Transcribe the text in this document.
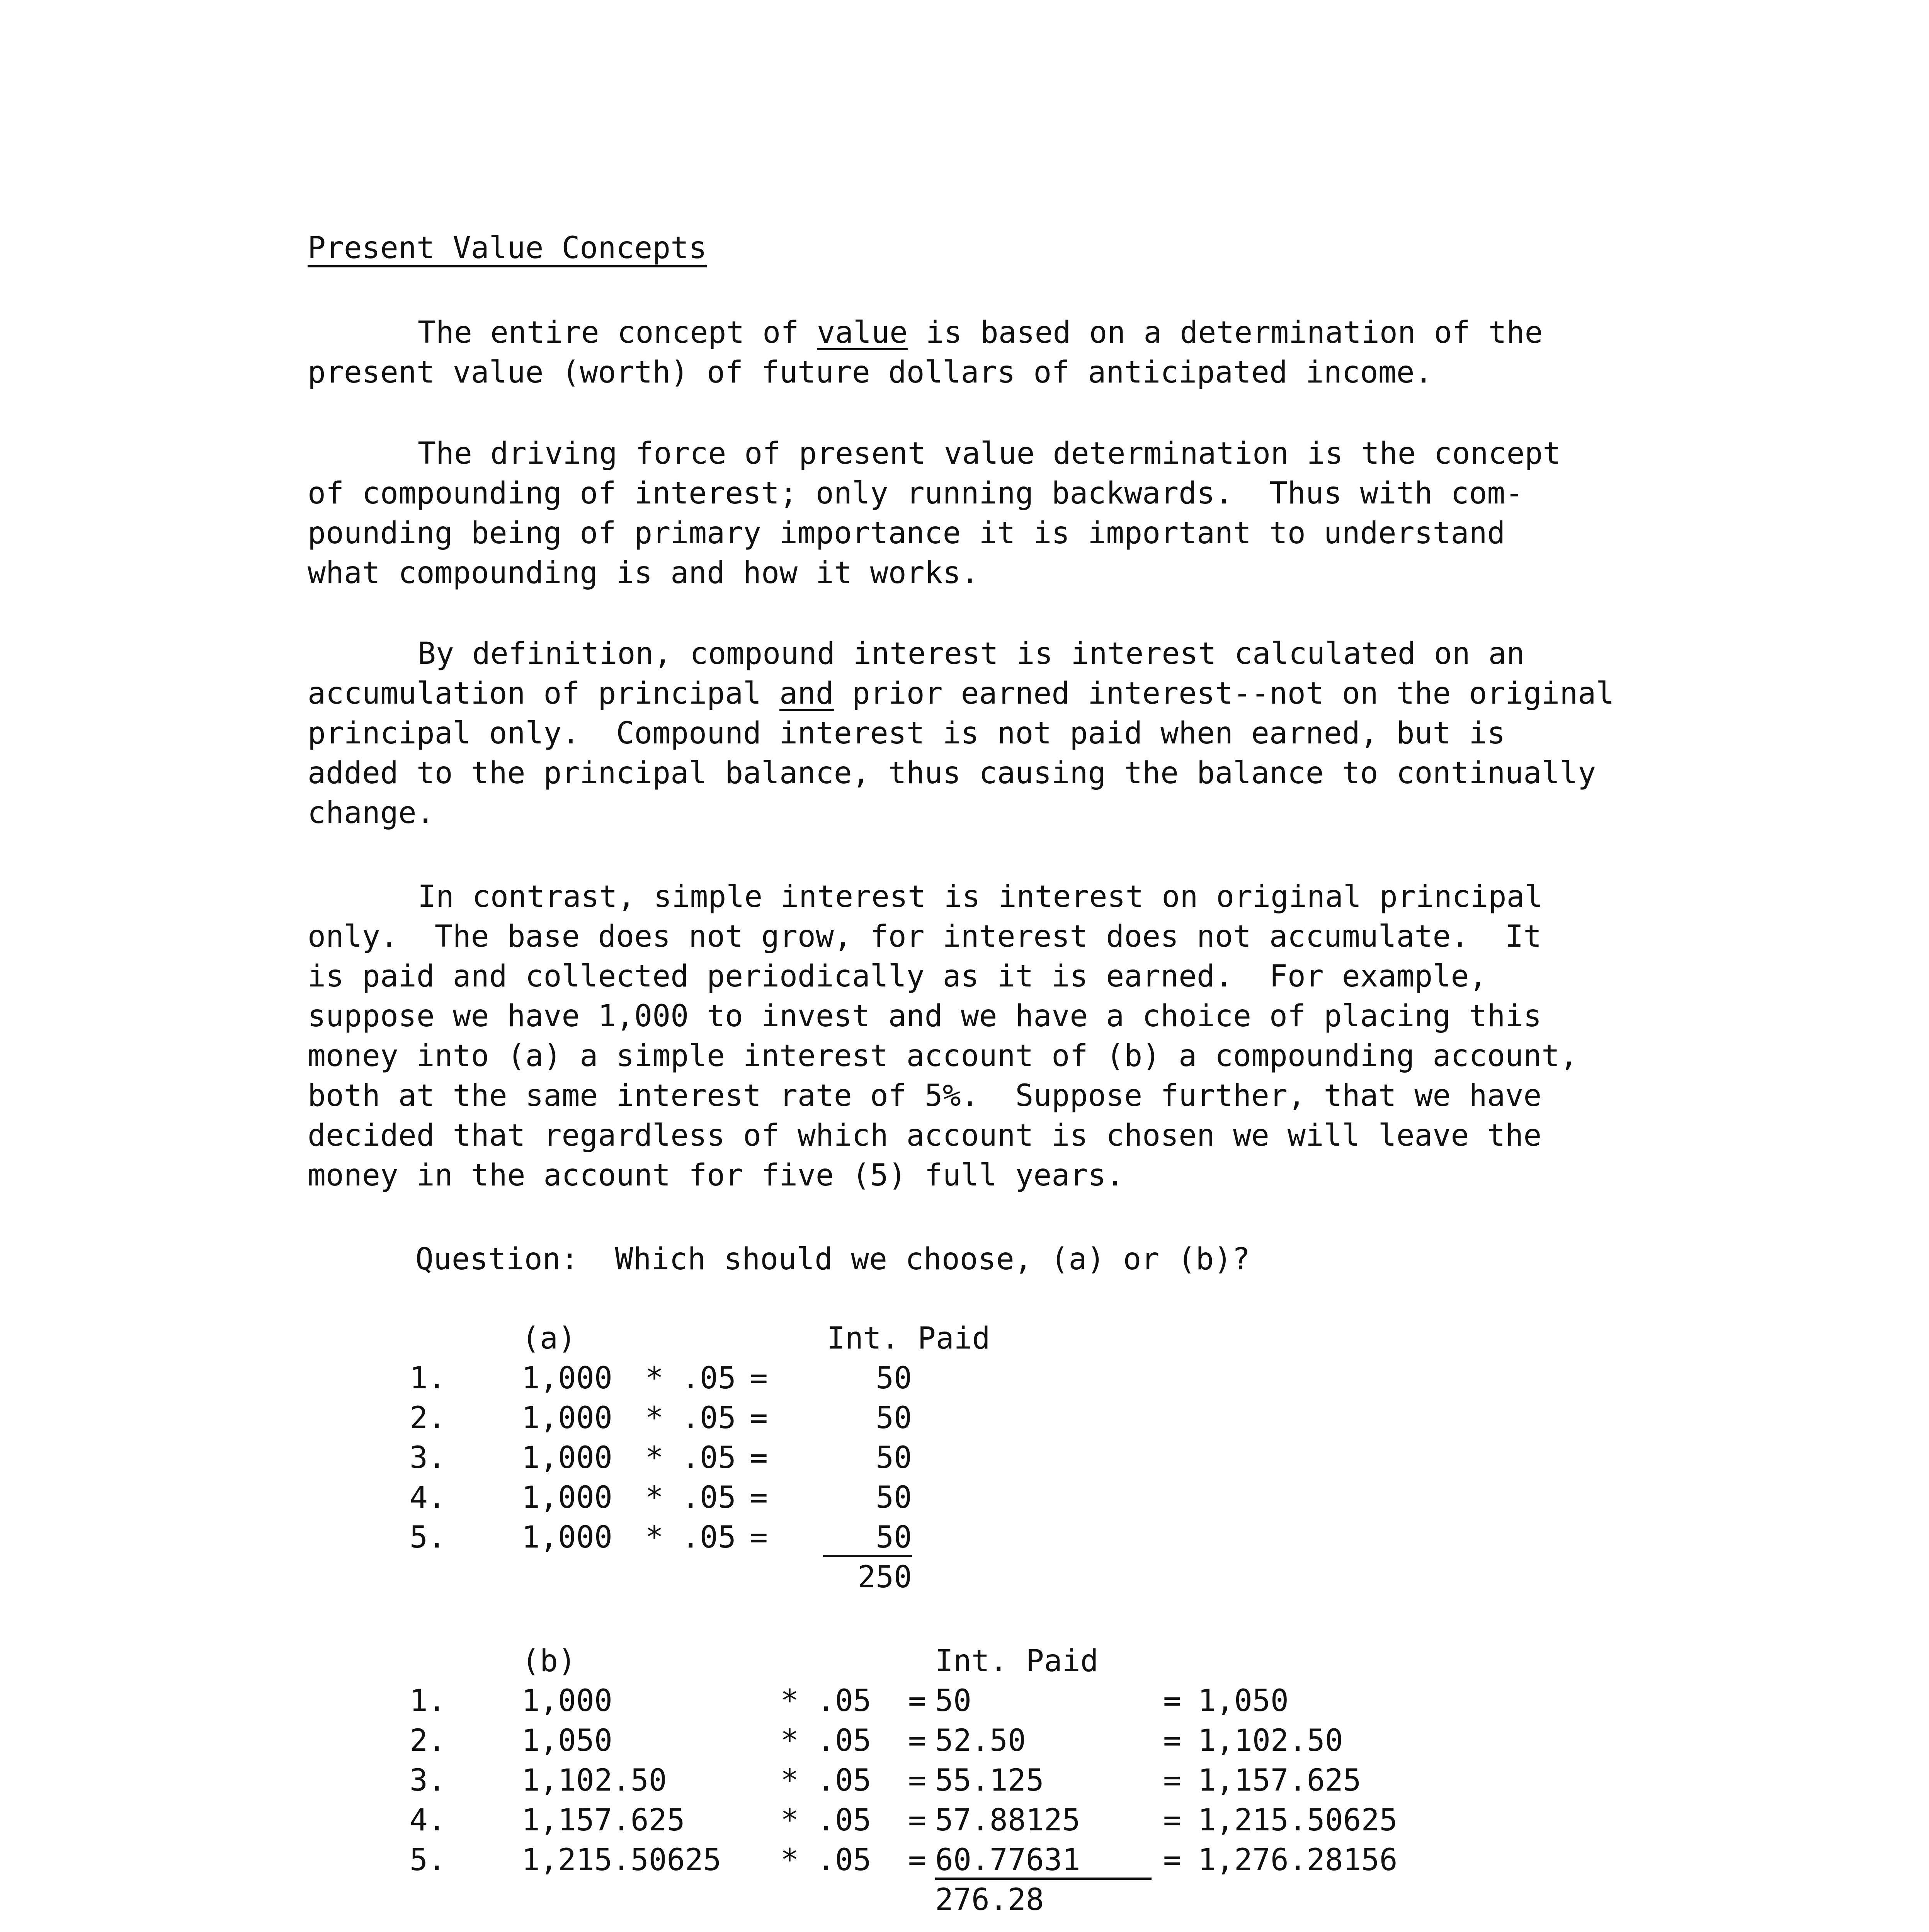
Present Value Concepts
The entire concept of value is based on a determination of the
present value (worth) of future dollars of anticipated income.
The driving force of present value determination is the concept
of compounding of interest; only running backwards.  Thus with com-
pounding being of primary importance it is important to understand
what compounding is and how it works.
By definition, compound interest is interest calculated on an
accumulation of principal and prior earned interest--not on the original
principal only.  Compound interest is not paid when earned, but is
added to the principal balance, thus causing the balance to continually
change.
In contrast, simple interest is interest on original principal
only.  The base does not grow, for interest does not accumulate.  It
is paid and collected periodically as it is earned.  For example,
suppose we have 1,000 to invest and we have a choice of placing this
money into (a) a simple interest account of (b) a compounding account,
both at the same interest rate of 5%.  Suppose further, that we have
decided that regardless of which account is chosen we will leave the
money in the account for five (5) full years.
Question:  Which should we choose, (a) or (b)?
(a)	Int. Paid
1.	1,000 * .05 =	50
2.	1,000 * .05 =	50
3.	1,000 * .05 =	50
4.	1,000 * .05 =	50
5.	1,000 * .05 =	50
250
(b)	Int. Paid
1.	1,000	* .05 = 50	= 1,050
2.	1,050	* .05 = 52.50	= 1,102.50
3.	1,102.50	* .05 = 55.125	= 1,157.625
4.	1,157.625	* .05 = 57.88125	= 1,215.50625
5.	1,215.50625 * .05 = 60.77631	= 1,276.28156
276.28
